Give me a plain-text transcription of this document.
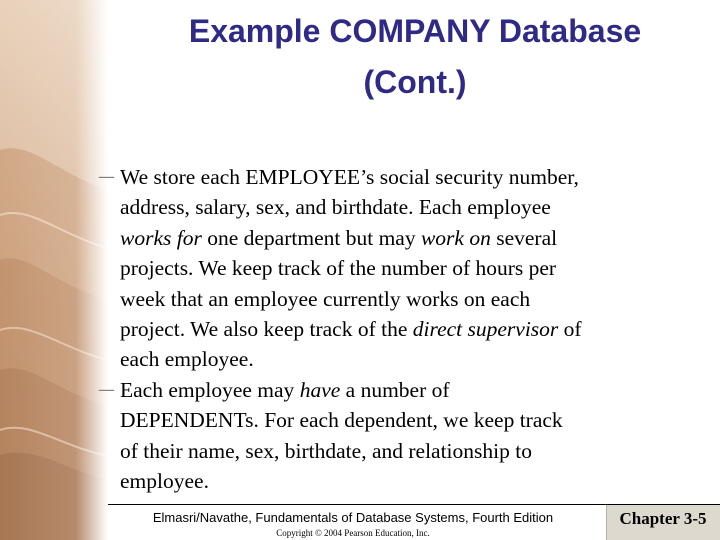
Example COMPANY Database
(Cont.)
— We store each EMPLOYEE’s social security number,
address, salary, sex, and birthdate. Each employee
works for one department but may work on several
projects. We keep track of the number of hours per
week that an employee currently works on each
project. We also keep track of the direct supervisor of
each employee.
— Each employee may have a number of
DEPENDENTs. For each dependent, we keep track
of their name, sex, birthdate, and relationship to
employee.
Elmasri/Navathe, Fundamentals of Database Systems, Fourth Edition
Copyright © 2004 Pearson Education, Inc.
Chapter 3-5
